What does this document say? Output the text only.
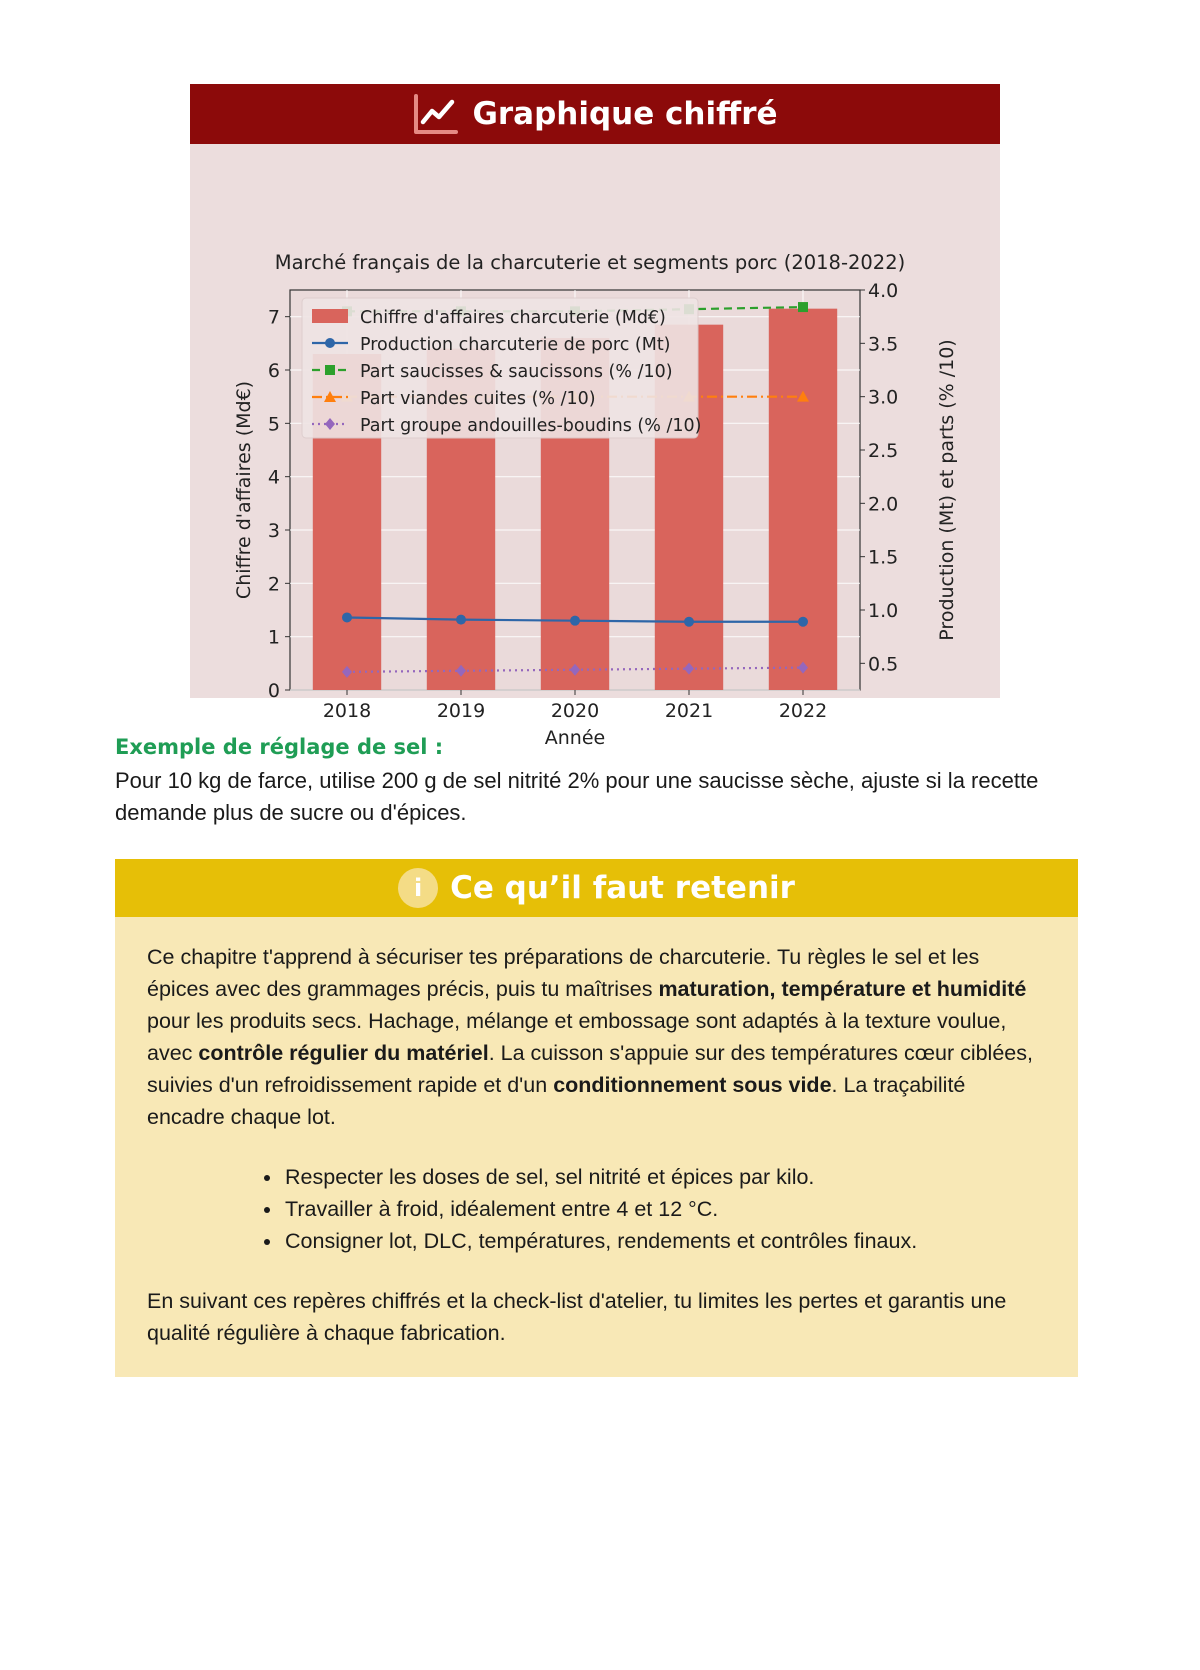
Graphique chiffré
Marché français de la charcuterie et segments porc (2018-2022)
0
1
2
3
4
5
6
7
0.5
1.0
1.5
2.0
2.5
3.0
3.5
4.0
2018	2019	2020	2021	2022
Chiffre d'affaires charcuterie (Md€)
Production charcuterie de porc (Mt)
Part saucisses & saucissons (% /10)
Part viandes cuites (% /10)
Part groupe andouilles-boudins (% /10)
Année
Chiffre d'affaires (Md€)	Production (Mt) et parts (% /10)
Exemple de réglage de sel :
Pour 10 kg de farce, utilise 200 g de sel nitrité 2% pour une saucisse sèche, ajuste si la recette demande plus de sucre ou d'épices.
i Ce qu’il faut retenir

Ce chapitre t'apprend à sécuriser tes préparations de charcuterie. Tu règles le sel et les épices avec des grammages précis, puis tu maîtrises maturation, température et humidité pour les produits secs. Hachage, mélange et embossage sont adaptés à la texture voulue, avec contrôle régulier du matériel. La cuisson s'appuie sur des températures cœur ciblées, suivies d'un refroidissement rapide et d'un conditionnement sous vide. La traçabilité encadre chaque lot.

• Respecter les doses de sel, sel nitrité et épices par kilo.
• Travailler à froid, idéalement entre 4 et 12 °C.
• Consigner lot, DLC, températures, rendements et contrôles finaux.

En suivant ces repères chiffrés et la check-list d'atelier, tu limites les pertes et garantis une qualité régulière à chaque fabrication.
